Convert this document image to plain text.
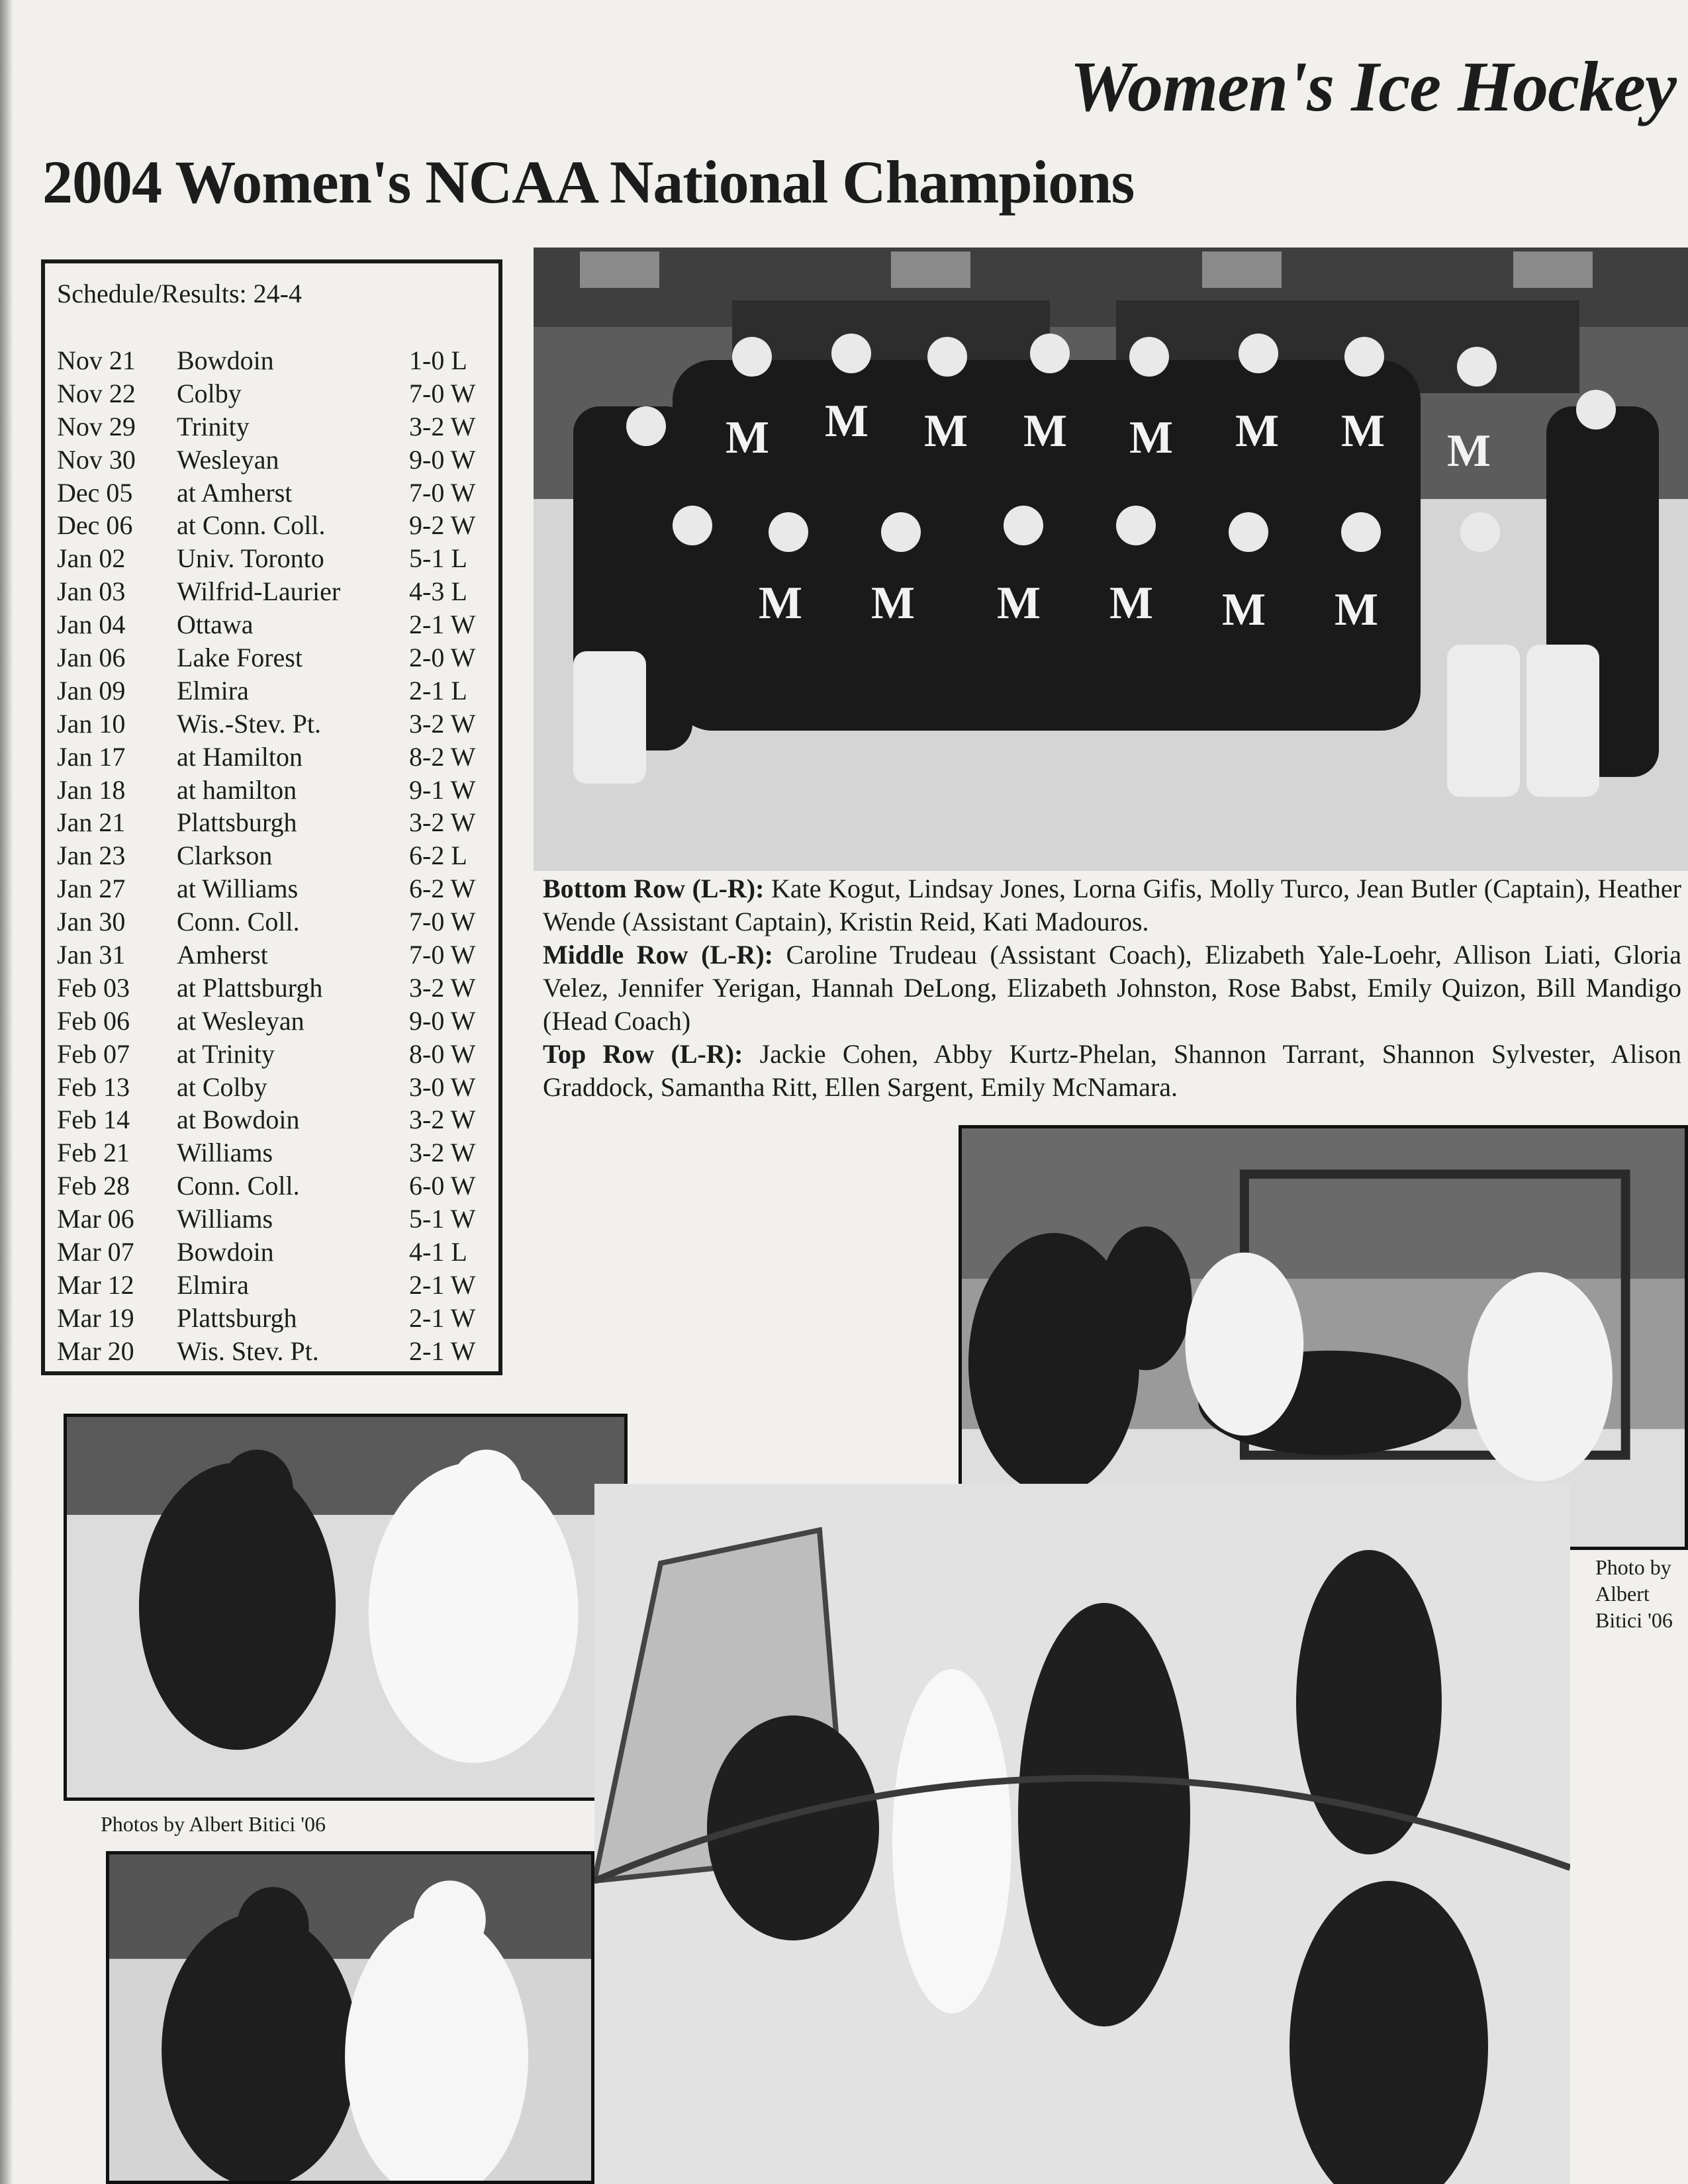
Women's Ice Hockey
2004 Women's NCAA National Champions
Schedule/Results: 24-4
Nov 21 Bowdoin	1-0 L
Nov 22 Colby	7-0 W
Nov 29 Trinity	3-2 W
Nov 30 Wesleyan	9-0 W
Dec 05 at Amherst	7-0 W
Dec 06 at Conn. Coll.	9-2 W
Jan 02 Univ. Toronto	5-1 L
Jan 03 Wilfrid-Laurier	4-3 L
Jan 04 Ottawa	2-1 W
Jan 06 Lake Forest	2-0 W
Jan 09 Elmira	2-1 L
Jan 10 Wis.-Stev. Pt.	3-2 W
Jan 17 at Hamilton	8-2 W
Jan 18 at hamilton	9-1 W
Jan 21 Plattsburgh	3-2 W
Jan 23 Clarkson	6-2 L
Jan 27 at Williams	6-2 W
Jan 30 Conn. Coll.	7-0 W
Jan 31 Amherst	7-0 W
Feb 03 at Plattsburgh	3-2 W
Feb 06 at Wesleyan	9-0 W
Feb 07 at Trinity	8-0 W
Feb 13 at Colby	3-0 W
Feb 14 at Bowdoin	3-2 W
Feb 21 Williams	3-2 W
Feb 28 Conn. Coll.	6-0 W
Mar 06 Williams	5-1 W
Mar 07 Bowdoin	4-1 L
Mar 12 Elmira	2-1 W
Mar 19 Plattsburgh	2-1 W
Mar 20 Wis. Stev. Pt.	2-1 W
M M M M M M M M
M M M M M M
Bottom Row (L-R): Kate Kogut, Lindsay Jones, Lorna Gifis, Molly Turco, Jean Butler (Captain), Heather Wende (Assistant Captain), Kristin Reid, Kati Madouros.
Middle Row (L-R): Caroline Trudeau (Assistant Coach), Elizabeth Yale-Loehr, Allison Liati, Gloria Velez, Jennifer Yerigan, Hannah DeLong, Elizabeth Johnston, Rose Babst, Emily Quizon, Bill Mandigo (Head Coach)
Top Row (L-R): Jackie Cohen, Abby Kurtz-Phelan, Shannon Tarrant, Shannon Sylvester, Alison Graddock, Samantha Ritt, Ellen Sargent, Emily McNamara.
Photo by Albert Bitici '06
Photos by Albert Bitici '06
